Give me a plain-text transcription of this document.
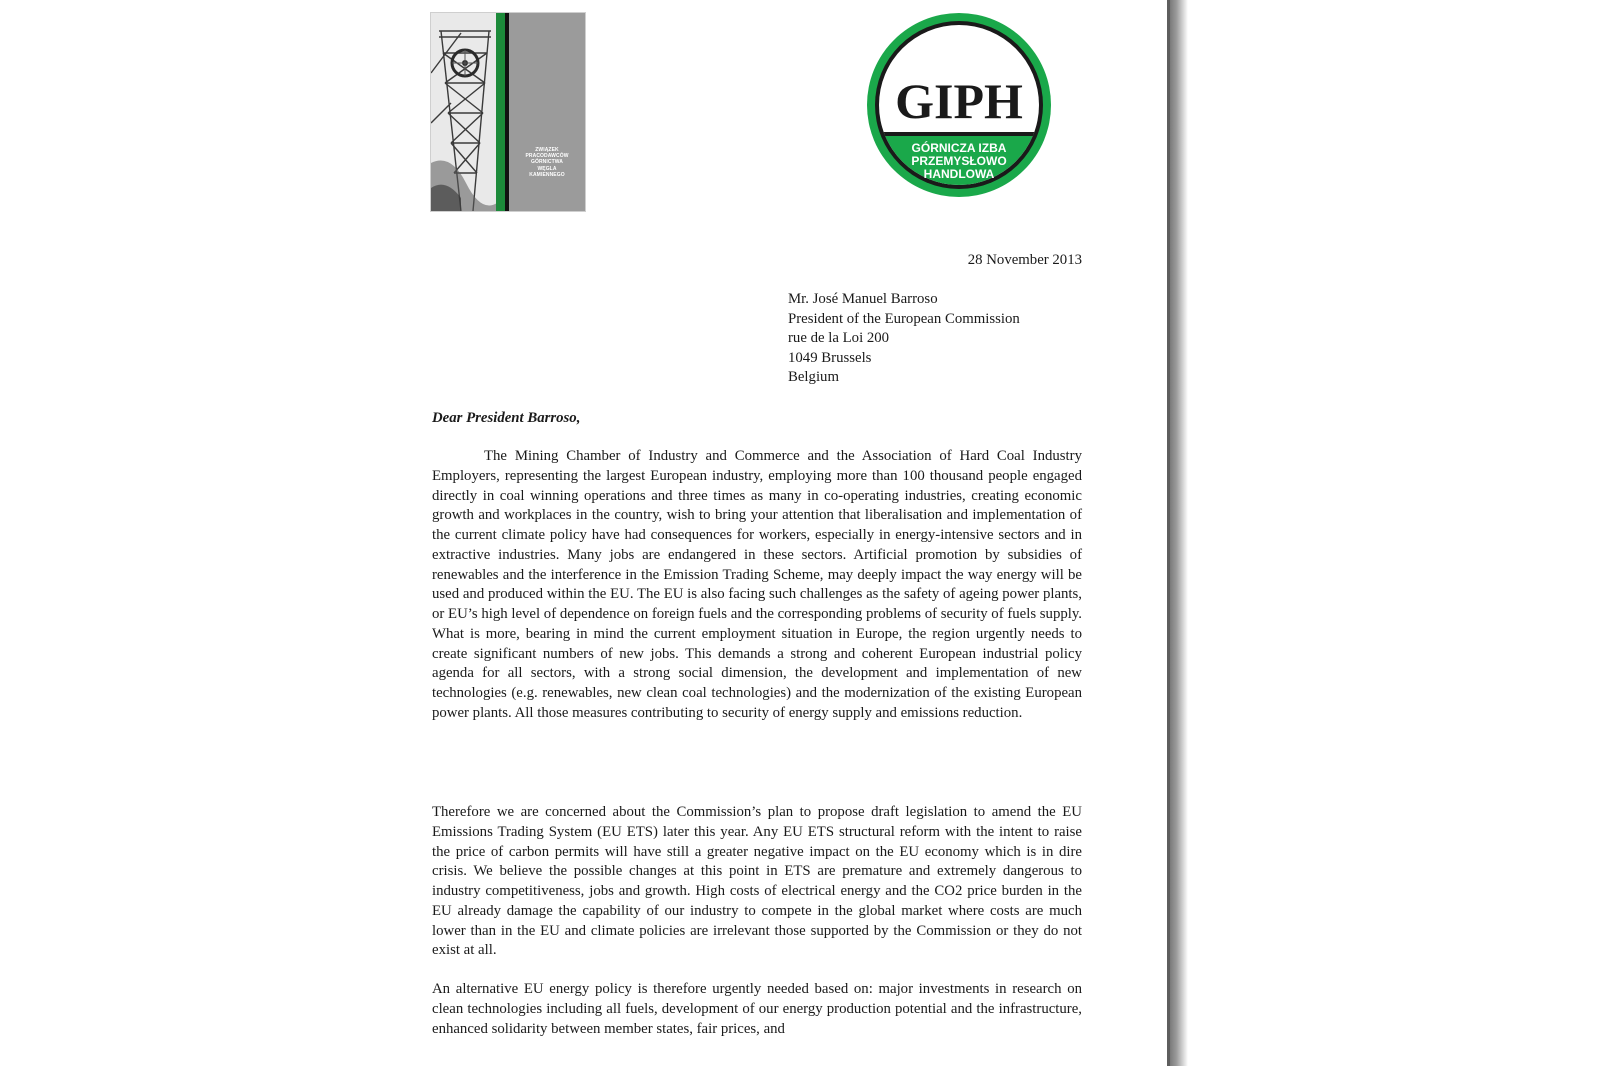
ZWIĄZEK
PRACODAWCÓW
GÓRNICTWA
WĘGLA
KAMIENNEGO
GIPH
GÓRNICZA IZBA
PRZEMYSŁOWO
HANDLOWA
28 November 2013
Mr. José Manuel Barroso
President of the European Commission
rue de la Loi 200
1049 Brussels
Belgium
Dear President Barroso,

The Mining Chamber of Industry and Commerce and the Association of Hard Coal Industry Employers, representing the largest European industry, employing more than 100 thousand people engaged directly in coal winning operations and three times as many in co-operating industries, creating economic growth and workplaces in the country, wish to bring your attention that liberalisation and implementation of the current climate policy have had consequences for workers, especially in energy-intensive sectors and in extractive industries. Many jobs are endangered in these sectors. Artificial promotion by subsidies of renewables and the interference in the Emission Trading Scheme, may deeply impact the way energy will be used and produced within the EU. The EU is also facing such challenges as the safety of ageing power plants, or EU’s high level of dependence on foreign fuels and the corresponding problems of security of fuels supply. What is more, bearing in mind the current employment situation in Europe, the region urgently needs to create significant numbers of new jobs. This demands a strong and coherent European industrial policy agenda for all sectors, with a strong social dimension, the development and implementation of new technologies (e.g. renewables, new clean coal technologies) and the modernization of the existing European power plants. All those measures contributing to security of energy supply and emissions reduction.

Therefore we are concerned about the Commission’s plan to propose draft legislation to amend the EU Emissions Trading System (EU ETS) later this year. Any EU ETS structural reform with the intent to raise the price of carbon permits will have still a greater negative impact on the EU economy which is in dire crisis. We believe the possible changes at this point in ETS are premature and extremely dangerous to industry competitiveness, jobs and growth. High costs of electrical energy and the CO2 price burden in the EU already damage the capability of our industry to compete in the global market where costs are much lower than in the EU and climate policies are irrelevant those supported by the Commission or they do not exist at all.

An alternative EU energy policy is therefore urgently needed based on: major investments in research on clean technologies including all fuels, development of our energy production potential and the infrastructure, enhanced solidarity between member states, fair prices, and
